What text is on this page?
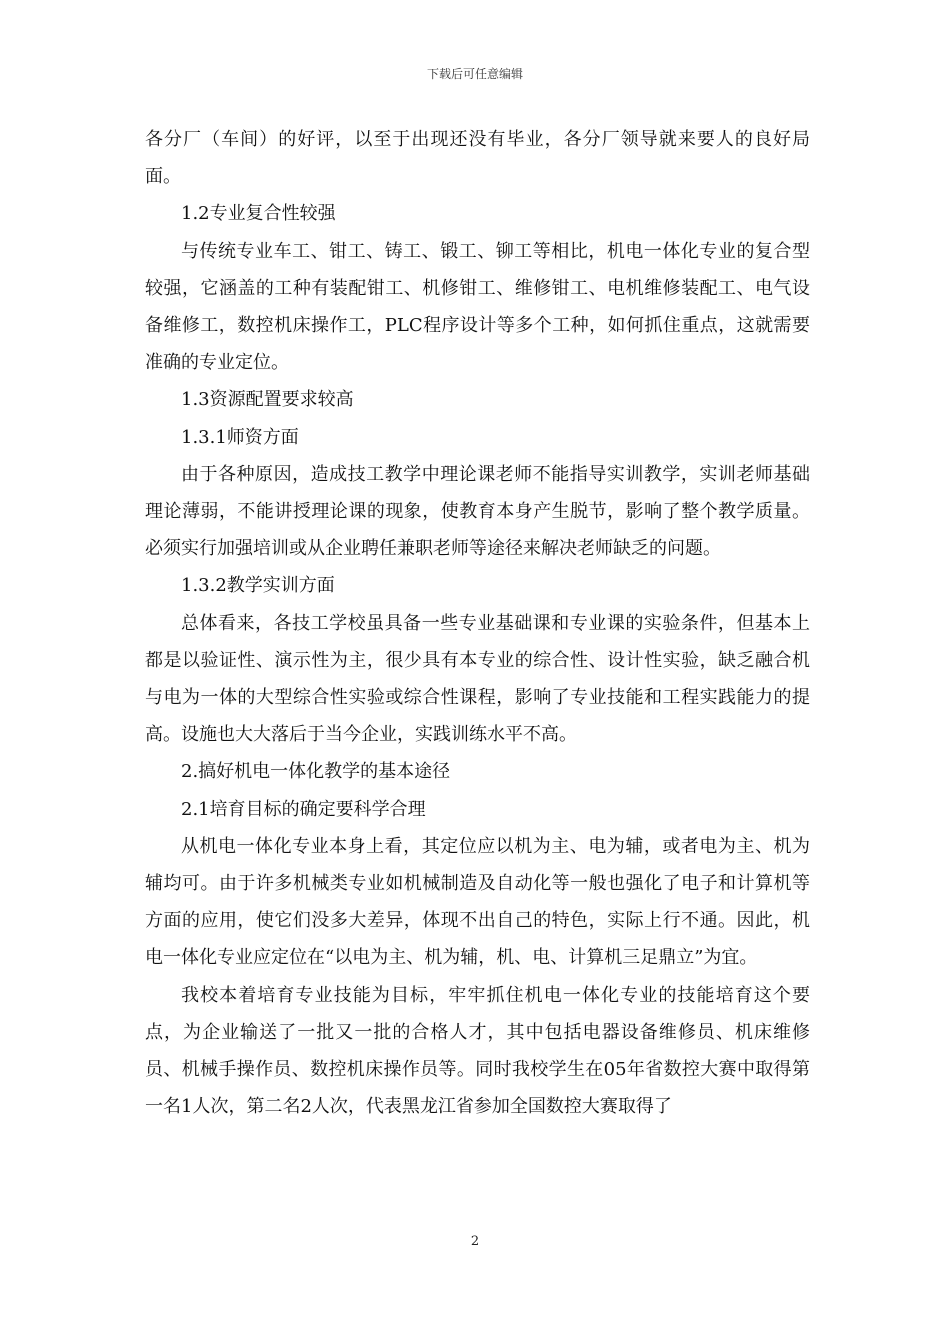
下载后可任意编辑

各分厂（车间）的好评，以至于出现还没有毕业，各分厂领导就来要人的良好局面。

1.2专业复合性较强

与传统专业车工、钳工、铸工、锻工、铆工等相比，机电一体化专业的复合型较强，它涵盖的工种有装配钳工、机修钳工、维修钳工、电机维修装配工、电气设备维修工，数控机床操作工，PLC程序设计等多个工种，如何抓住重点，这就需要准确的专业定位。

1.3资源配置要求较高

1.3.1师资方面

由于各种原因，造成技工教学中理论课老师不能指导实训教学，实训老师基础理论薄弱，不能讲授理论课的现象，使教育本身产生脱节，影响了整个教学质量。必须实行加强培训或从企业聘任兼职老师等途径来解决老师缺乏的问题。

1.3.2教学实训方面

总体看来，各技工学校虽具备一些专业基础课和专业课的实验条件，但基本上都是以验证性、演示性为主，很少具有本专业的综合性、设计性实验，缺乏融合机与电为一体的大型综合性实验或综合性课程，影响了专业技能和工程实践能力的提高。设施也大大落后于当今企业，实践训练水平不高。

2.搞好机电一体化教学的基本途径

2.1培育目标的确定要科学合理

从机电一体化专业本身上看，其定位应以机为主、电为辅，或者电为主、机为辅均可。由于许多机械类专业如机械制造及自动化等一般也强化了电子和计算机等方面的应用，使它们没多大差异，体现不出自己的特色，实际上行不通。因此，机电一体化专业应定位在“以电为主、机为辅，机、电、计算机三足鼎立”为宜。

我校本着培育专业技能为目标，牢牢抓住机电一体化专业的技能培育这个要点，为企业输送了一批又一批的合格人才，其中包括电器设备维修员、机床维修员、机械手操作员、数控机床操作员等。同时我校学生在05年省数控大赛中取得第一名1人次，第二名2人次，代表黑龙江省参加全国数控大赛取得了

2
